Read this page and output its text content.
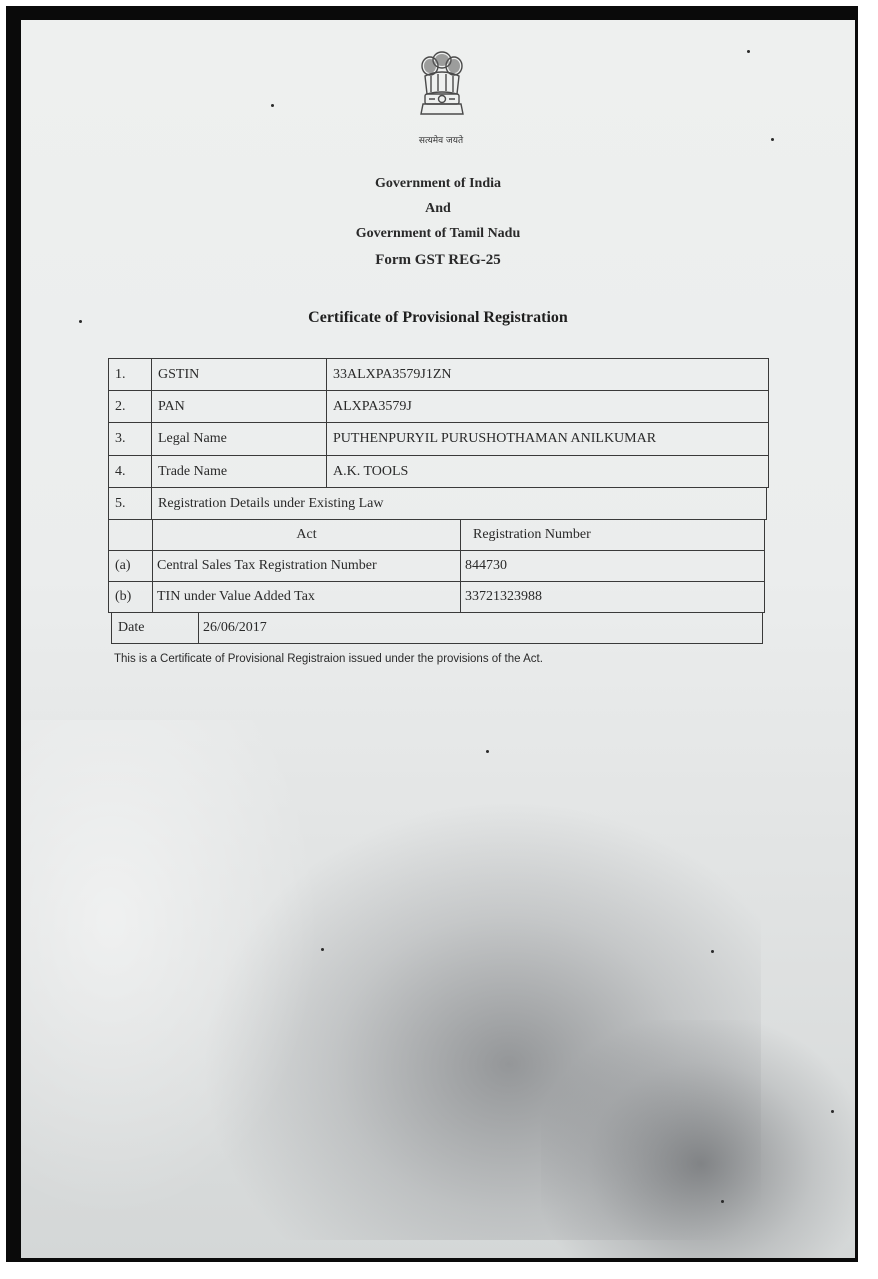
सत्यमेव जयते
Government of India
And
Government of Tamil Nadu
Form GST REG-25
Certificate of Provisional Registration
1. GSTIN	33ALXPA3579J1ZN
2. PAN	ALXPA3579J
3. Legal Name	PUTHENPURYIL PURUSHOTHAMAN ANILKUMAR
4. Trade Name	A.K. TOOLS
5. Registration Details under Existing Law
Act	Registration Number
(a) Central Sales Tax Registration Number	844730
(b) TIN under Value Added Tax	33721323988
Date	26/06/2017
This is a Certificate of Provisional Registraion issued under the provisions of the Act.
